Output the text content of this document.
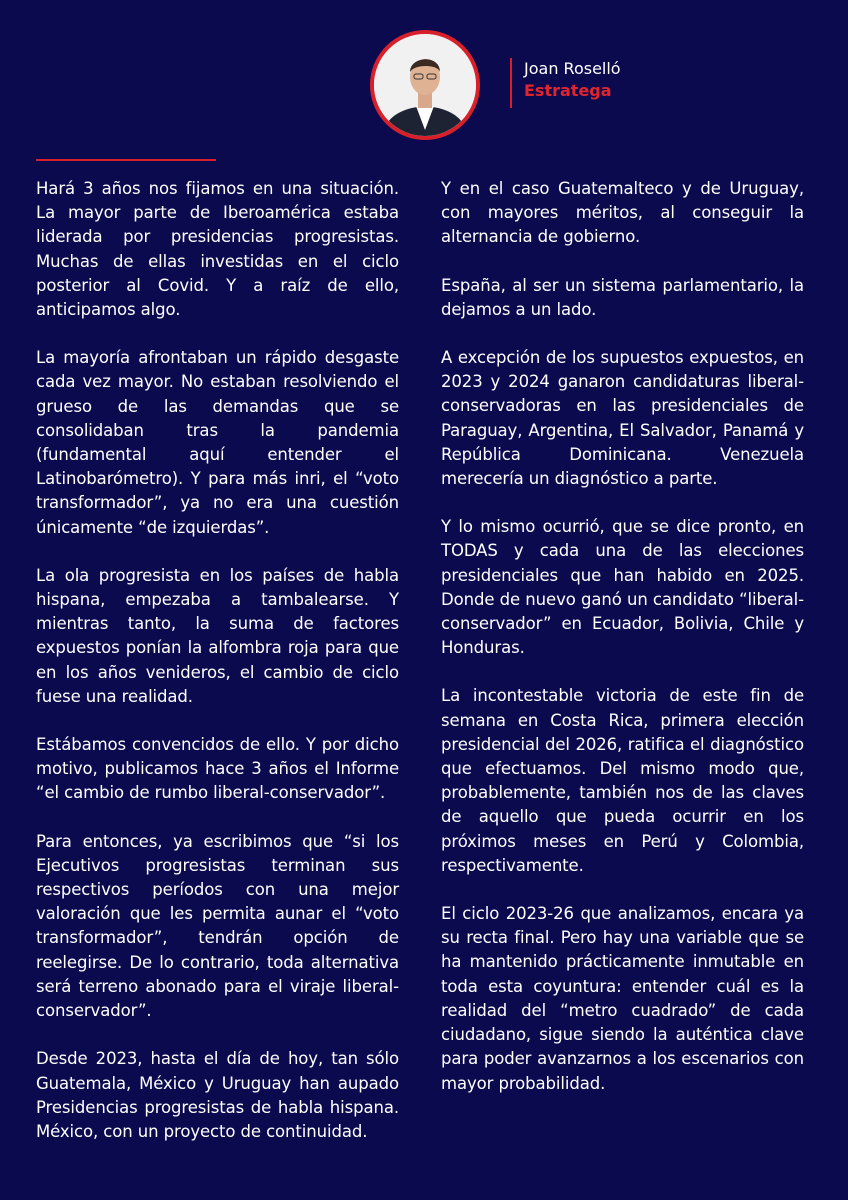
Joan Roselló
Estratega

Hará 3 años nos fijamos en una situación. La mayor parte de Iberoamérica estaba liderada por presidencias progresistas. Muchas de ellas investidas en el ciclo posterior al Covid. Y a raíz de ello, anticipamos algo.

La mayoría afrontaban un rápido desgaste cada vez mayor. No estaban resolviendo el grueso de las demandas que se consolidaban tras la pandemia (fundamental aquí entender el Latinobarómetro). Y para más inri, el “voto transformador”, ya no era una cuestión únicamente “de izquierdas”.

La ola progresista en los países de habla hispana, empezaba a tambalearse. Y mientras tanto, la suma de factores expuestos ponían la alfombra roja para que en los años venideros, el cambio de ciclo fuese una realidad.

Estábamos convencidos de ello. Y por dicho motivo, publicamos hace 3 años el Informe “el cambio de rumbo liberal-conservador”.

Para entonces, ya escribimos que “si los Ejecutivos progresistas terminan sus respectivos períodos con una mejor valoración que les permita aunar el “voto transformador”, tendrán opción de reelegirse. De lo contrario, toda alternativa será terreno abonado para el viraje liberal-conservador”.

Desde 2023, hasta el día de hoy, tan sólo Guatemala, México y Uruguay han aupado Presidencias progresistas de habla hispana. México, con un proyecto de continuidad.

Y en el caso Guatemalteco y de Uruguay, con mayores méritos, al conseguir la alternancia de gobierno.

España, al ser un sistema parlamentario, la dejamos a un lado.

A excepción de los supuestos expuestos, en 2023 y 2024 ganaron candidaturas liberal-conservadoras en las presidenciales de Paraguay, Argentina, El Salvador, Panamá y República Dominicana. Venezuela merecería un diagnóstico a parte.

Y lo mismo ocurrió, que se dice pronto, en TODAS y cada una de las elecciones presidenciales que han habido en 2025. Donde de nuevo ganó un candidato “liberal-conservador” en Ecuador, Bolivia, Chile y Honduras.

La incontestable victoria de este fin de semana en Costa Rica, primera elección presidencial del 2026, ratifica el diagnóstico que efectuamos. Del mismo modo que, probablemente, también nos de las claves de aquello que pueda ocurrir en los próximos meses en Perú y Colombia, respectivamente.

El ciclo 2023-26 que analizamos, encara ya su recta final. Pero hay una variable que se ha mantenido prácticamente inmutable en toda esta coyuntura: entender cuál es la realidad del “metro cuadrado” de cada ciudadano, sigue siendo la auténtica clave para poder avanzarnos a los escenarios con mayor probabilidad.
